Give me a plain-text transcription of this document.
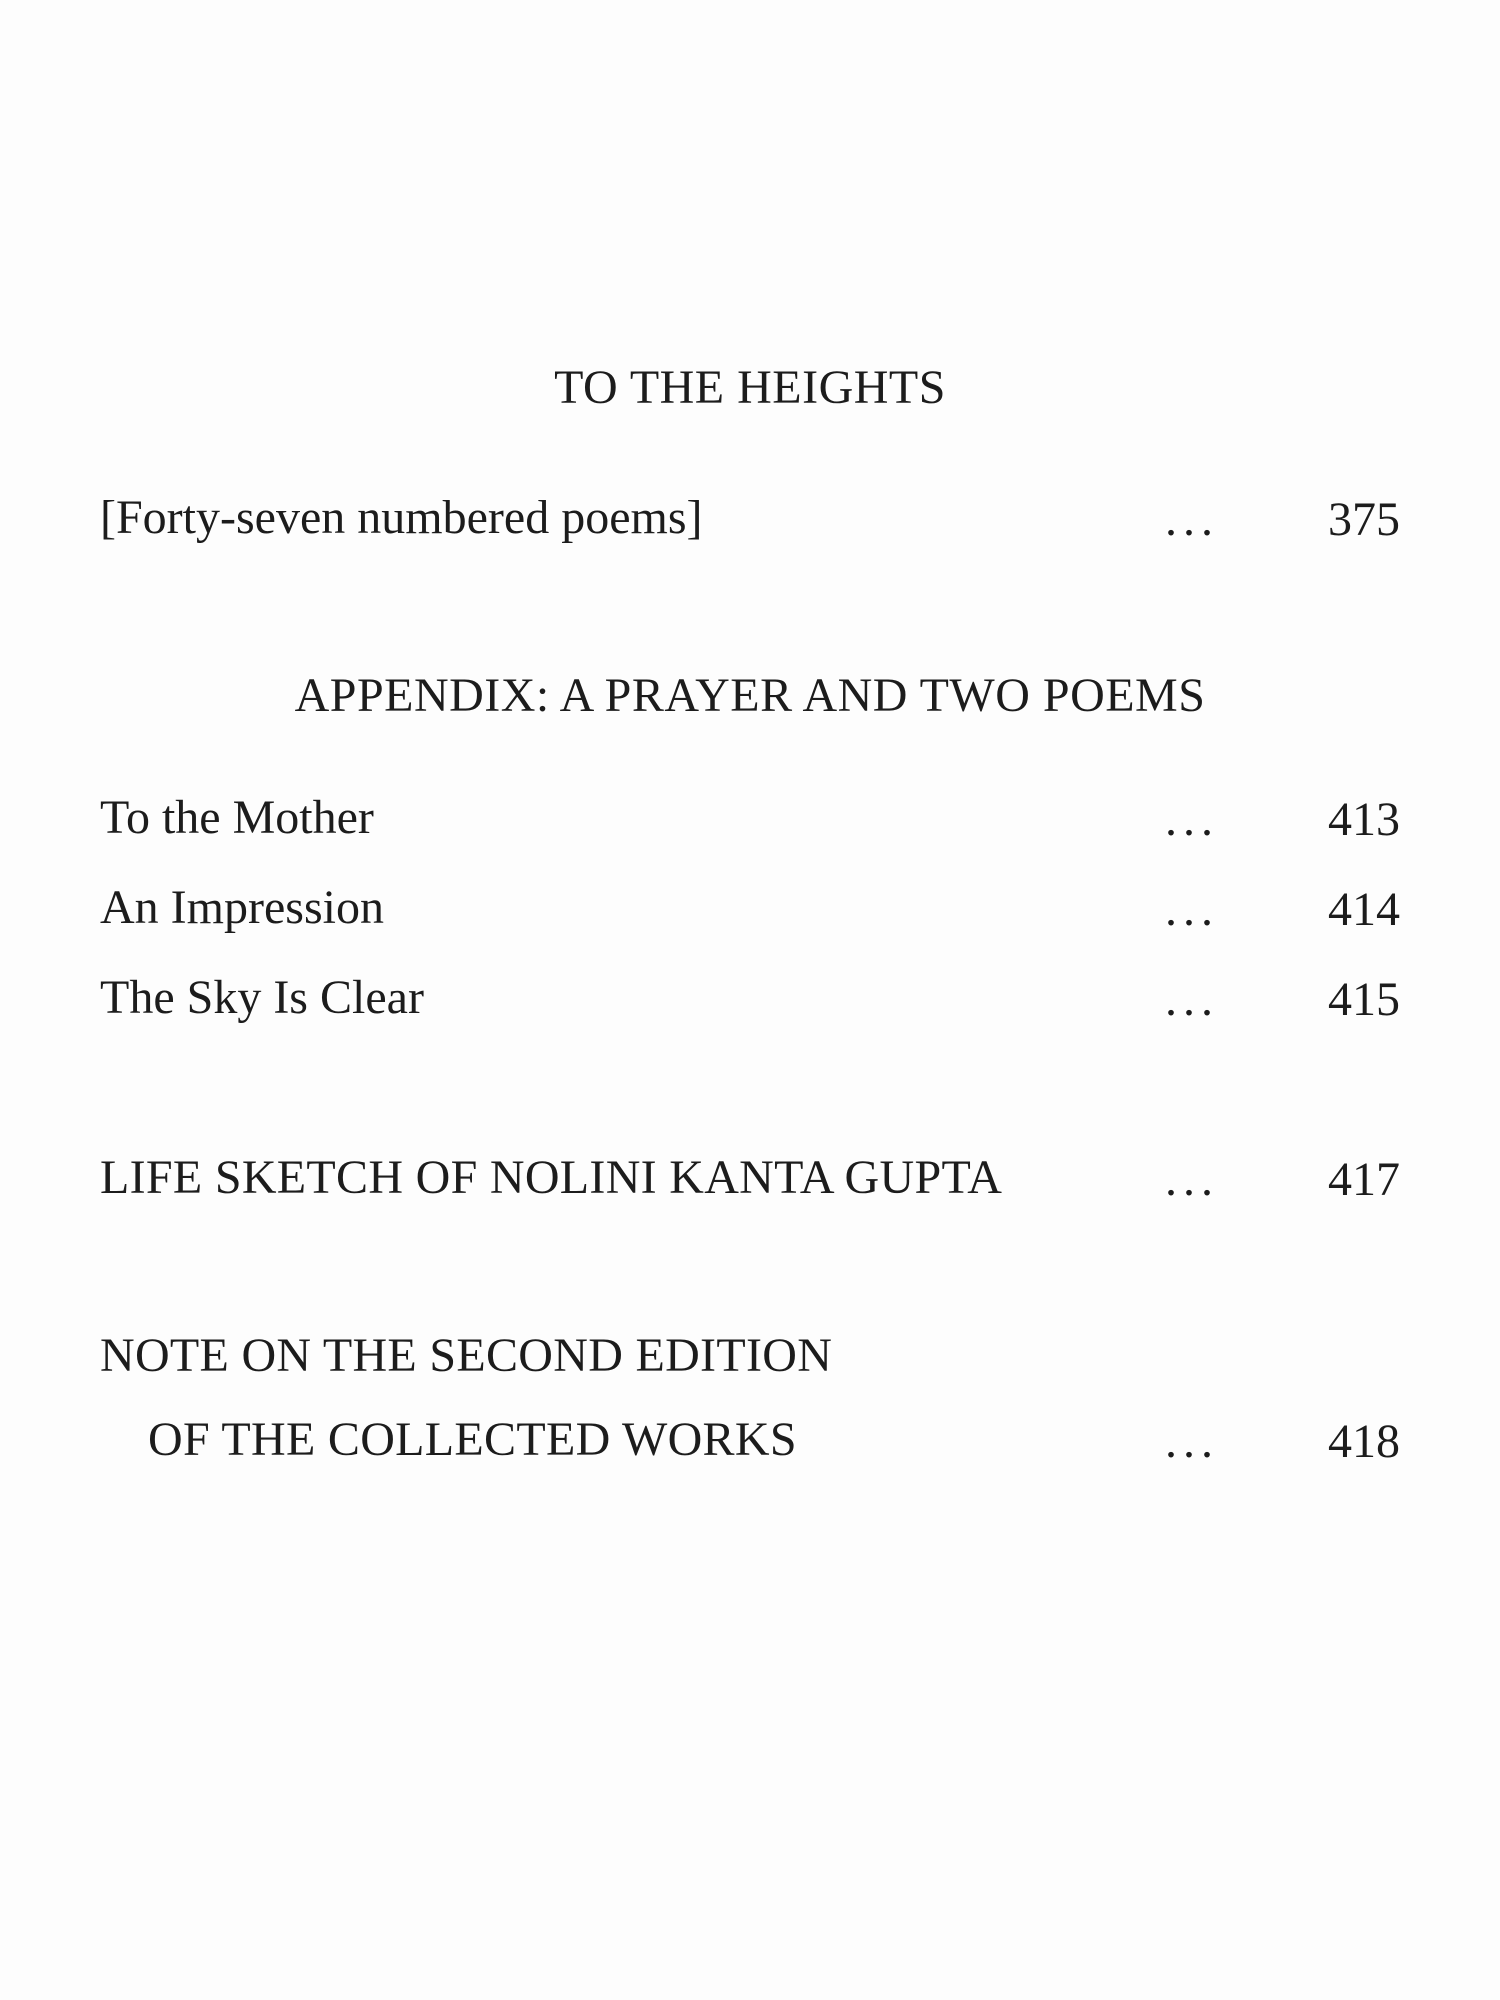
TO THE HEIGHTS
[Forty-seven numbered poems]	... 375
APPENDIX: A PRAYER AND TWO POEMS
To the Mother	... 413
An Impression	... 414
The Sky Is Clear	... 415
LIFE SKETCH OF NOLINI KANTA GUPTA	... 417
NOTE ON THE SECOND EDITION
OF THE COLLECTED WORKS	... 418
